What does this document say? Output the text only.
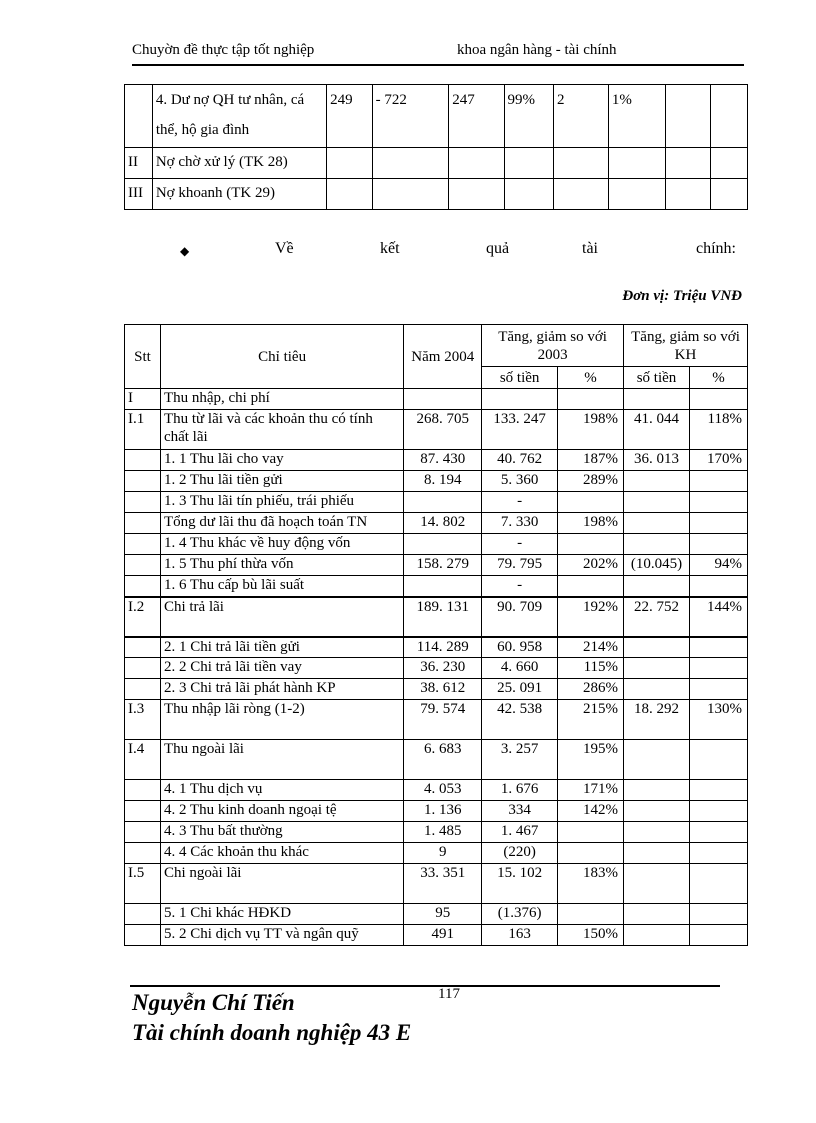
Chuyờn đề thực tập tốt nghiệp	khoa ngân hàng - tài chính
	4. Dư nợ QH tư nhân, cá thể, hộ gia đình	249	- 722	247	99%	2	1%		
II	Nợ chờ xử lý (TK 28)								
III	Nợ khoanh (TK 29)								
◆	Về	kết	quả	tài	chính:
Đơn vị: Triệu VNĐ
Stt	Chỉ tiêu	Năm 2004	Tăng, giảm so với 2003		Tăng, giảm so với KH	
			số tiền	%	số tiền	%
I	Thu nhập, chi phí					
I.1	Thu từ lãi và các khoản thu có tính chất lãi	268. 705	133. 247	198%	41. 044	118%
	1. 1 Thu lãi cho vay	87. 430	40. 762	187%	36. 013	170%
	1. 2 Thu lãi tiền gửi	8. 194	5. 360	289%		
	1. 3 Thu lãi tín phiếu, trái phiếu		-			
	Tổng dư lãi thu đã hoạch toán TN	14. 802	7. 330	198%		
	1. 4 Thu khác về huy động vốn		-			
	1. 5 Thu phí thừa vốn	158. 279	79. 795	202%	(10.045)	94%
	1. 6 Thu cấp bù lãi suất		-			
I.2	Chi trả lãi	189. 131	90. 709	192%	22. 752	144%
	2. 1 Chi trả lãi tiền gửi	114. 289	60. 958	214%		
	2. 2 Chi trả lãi tiền vay	36. 230	4. 660	115%		
	2. 3 Chi trả lãi phát hành KP	38. 612	25. 091	286%		
I.3	Thu nhập lãi ròng (1-2)	79. 574	42. 538	215%	18. 292	130%
I.4	Thu ngoài lãi	6. 683	3. 257	195%		
	4. 1 Thu dịch vụ	4. 053	1. 676	171%		
	4. 2 Thu kinh doanh ngoại tệ	1. 136	334	142%		
	4. 3 Thu bất thường	1. 485	1. 467			
	4. 4 Các khoản thu khác	9	(220)			
I.5	Chi ngoài lãi	33. 351	15. 102	183%		
	5. 1 Chi khác HĐKD	95	(1.376)			
	5. 2 Chi dịch vụ TT và ngân quỹ	491	163	150%		
117
Nguyễn Chí Tiến
Tài chính doanh nghiệp 43 E
